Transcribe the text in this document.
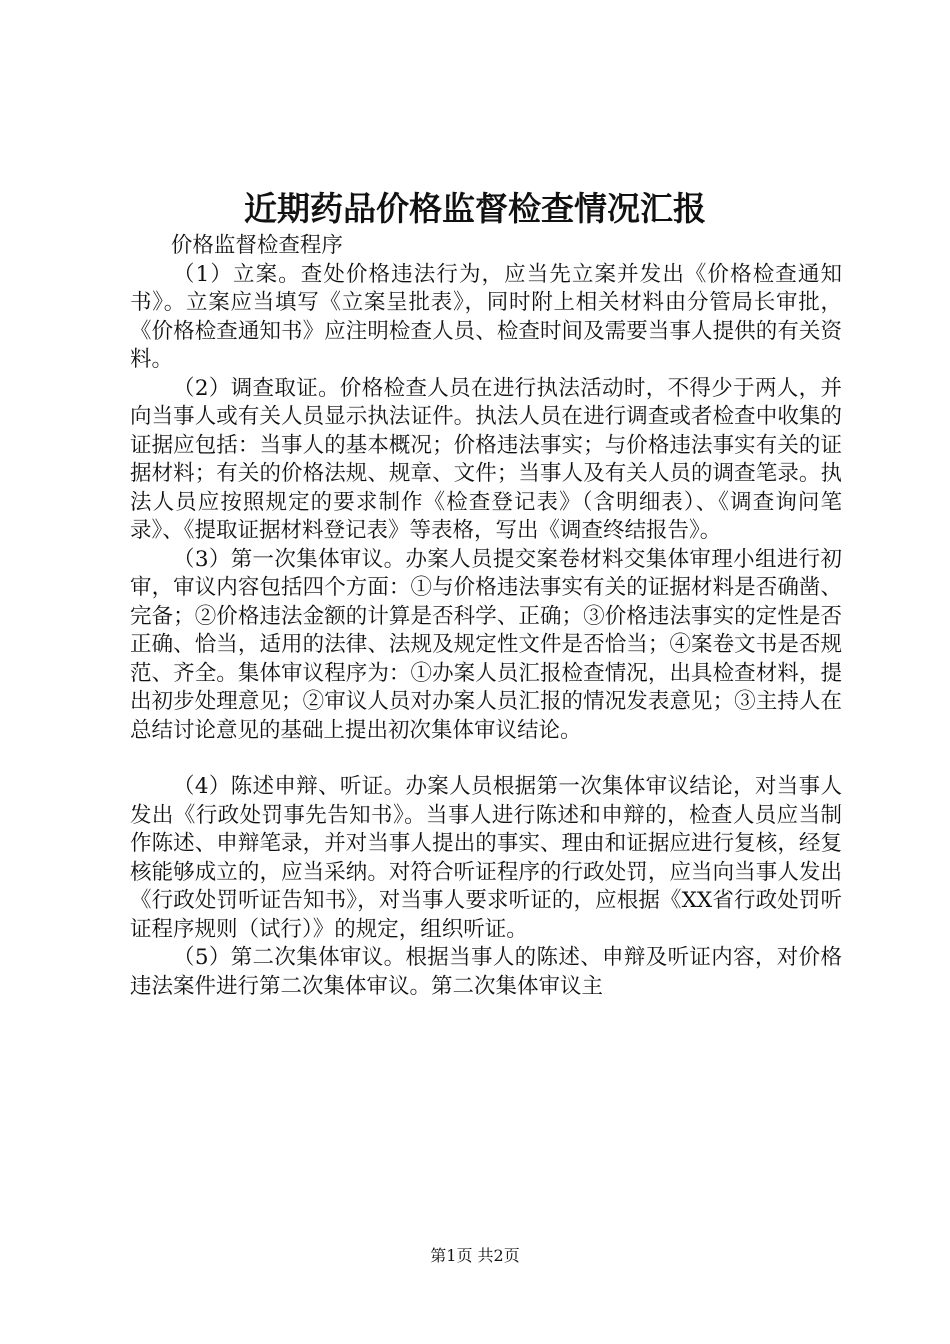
近期药品价格监督检查情况汇报

价格监督检查程序

（1）立案。查处价格违法行为，应当先立案并发出《价格检查通知书》。立案应当填写《立案呈批表》，同时附上相关材料由分管局长审批，《价格检查通知书》应注明检查人员、检查时间及需要当事人提供的有关资料。

（2）调查取证。价格检查人员在进行执法活动时，不得少于两人，并向当事人或有关人员显示执法证件。执法人员在进行调查或者检查中收集的证据应包括：当事人的基本概况；价格违法事实；与价格违法事实有关的证据材料；有关的价格法规、规章、文件；当事人及有关人员的调查笔录。执法人员应按照规定的要求制作《检查登记表》（含明细表）、《调查询问笔录》、《提取证据材料登记表》等表格，写出《调查终结报告》。

（3）第一次集体审议。办案人员提交案卷材料交集体审理小组进行初审，审议内容包括四个方面：①与价格违法事实有关的证据材料是否确凿、完备；②价格违法金额的计算是否科学、正确；③价格违法事实的定性是否正确、恰当，适用的法律、法规及规定性文件是否恰当；④案卷文书是否规范、齐全。集体审议程序为：①办案人员汇报检查情况，出具检查材料，提出初步处理意见；②审议人员对办案人员汇报的情况发表意见；③主持人在总结讨论意见的基础上提出初次集体审议结论。

（4）陈述申辩、听证。办案人员根据第一次集体审议结论，对当事人发出《行政处罚事先告知书》。当事人进行陈述和申辩的，检查人员应当制作陈述、申辩笔录，并对当事人提出的事实、理由和证据应进行复核，经复核能够成立的，应当采纳。对符合听证程序的行政处罚，应当向当事人发出《行政处罚听证告知书》，对当事人要求听证的，应根据《XX省行政处罚听证程序规则（试行）》的规定，组织听证。

（5）第二次集体审议。根据当事人的陈述、申辩及听证内容，对价格违法案件进行第二次集体审议。第二次集体审议主

第1页 共2页
